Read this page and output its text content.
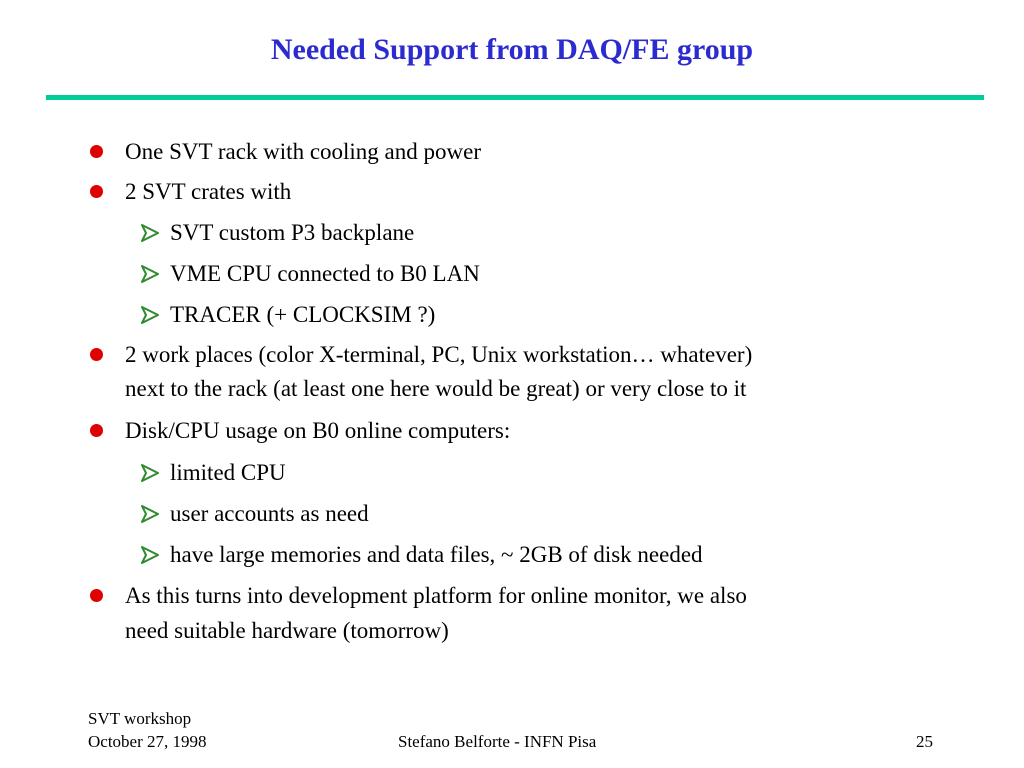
Needed Support from DAQ/FE group
One SVT rack with cooling and power
2 SVT crates with
SVT custom P3 backplane
VME CPU connected to B0 LAN
TRACER (+ CLOCKSIM ?)
2 work places (color X-terminal, PC, Unix workstation… whatever)
next to the rack (at least one here would be great) or very close to it
Disk/CPU usage on B0 online computers:
limited CPU
user accounts as need
have large memories and data files, ~ 2GB of disk needed
As this turns into development platform for online monitor, we also
need suitable hardware (tomorrow)
SVT workshop
October 27, 1998	Stefano Belforte - INFN Pisa	25
